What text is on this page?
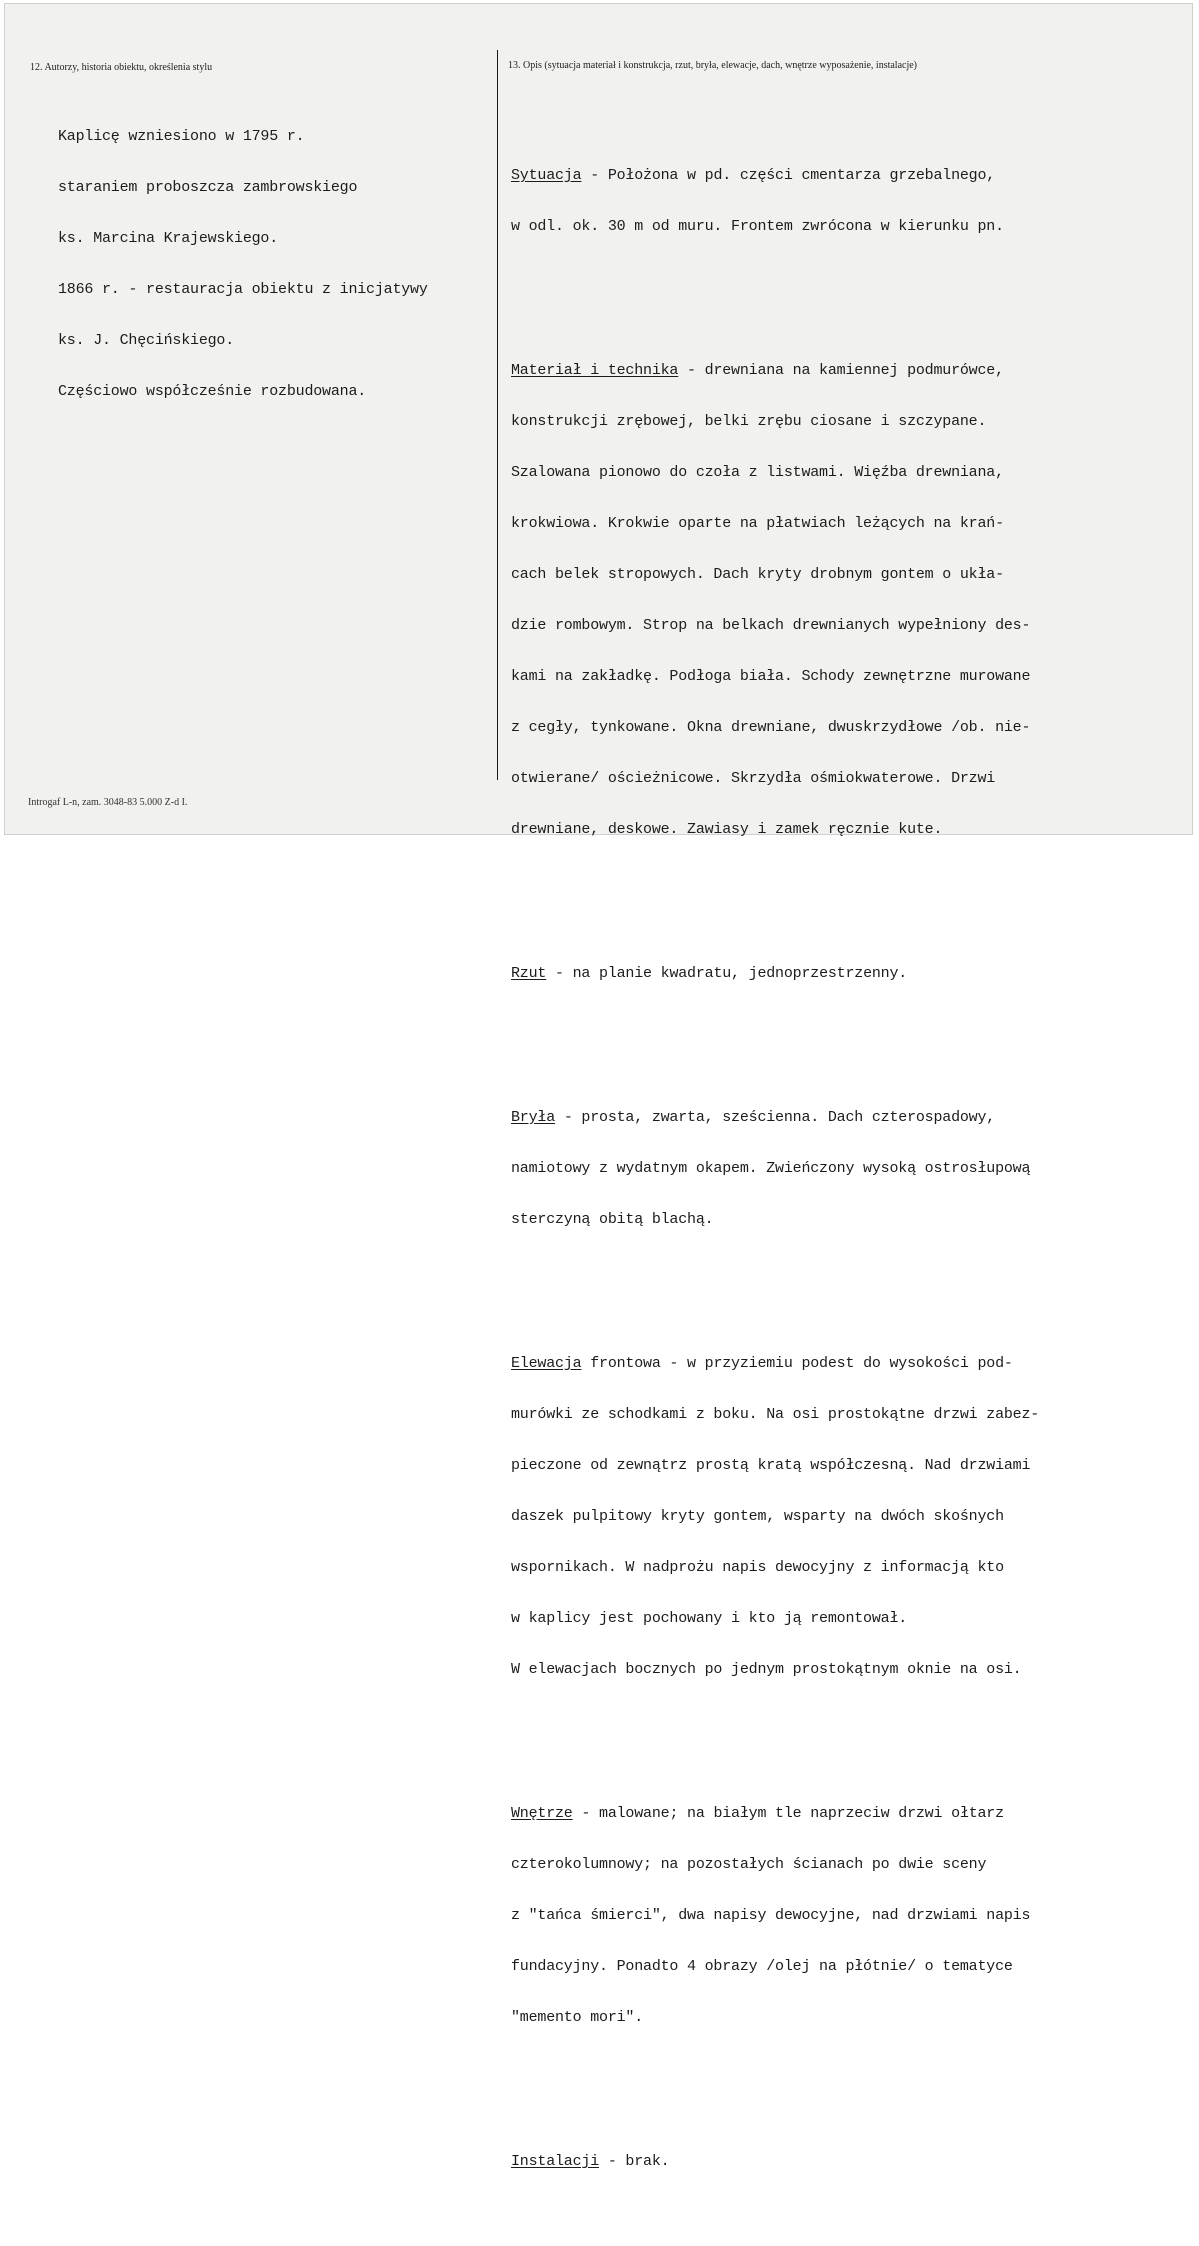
12. Autorzy, historia obiektu, określenia stylu

Kaplicę wzniesiono w 1795 r.

staraniem proboszcza zambrowskiego

ks. Marcina Krajewskiego.

1866 r. - restauracja obiektu z inicjatywy

ks. J. Chęcińskiego.

Częściowo współcześnie rozbudowana.

13. Opis (sytuacja materiał i konstrukcja, rzut, bryła, elewacje, dach, wnętrze wyposażenie, instalacje)

Sytuacja - Położona w pd. części cmentarza grzebalnego,

w odl. ok. 30 m od muru. Frontem zwrócona w kierunku pn.

Materiał i technika - drewniana na kamiennej podmurówce,

konstrukcji zrębowej, belki zrębu ciosane i szczypane.

Szalowana pionowo do czoła z listwami. Więźba drewniana,

krokwiowa. Krokwie oparte na płatwiach leżących na krań-

cach belek stropowych. Dach kryty drobnym gontem o ukła-

dzie rombowym. Strop na belkach drewnianych wypełniony des-

kami na zakładkę. Podłoga biała. Schody zewnętrzne murowane

z cegły, tynkowane. Okna drewniane, dwuskrzydłowe /ob. nie-

otwierane/ ościeżnicowe. Skrzydła ośmiokwaterowe. Drzwi

drewniane, deskowe. Zawiasy i zamek ręcznie kute.

Rzut - na planie kwadratu, jednoprzestrzenny.

Bryła - prosta, zwarta, sześcienna. Dach czterospadowy,

namiotowy z wydatnym okapem. Zwieńczony wysoką ostrosłupową

sterczyną obitą blachą.

Elewacja frontowa - w przyziemiu podest do wysokości pod-

murówki ze schodkami z boku. Na osi prostokątne drzwi zabez-

pieczone od zewnątrz prostą kratą współczesną. Nad drzwiami

daszek pulpitowy kryty gontem, wsparty na dwóch skośnych

wspornikach. W nadprożu napis dewocyjny z informacją kto

w kaplicy jest pochowany i kto ją remontował.

W elewacjach bocznych po jednym prostokątnym oknie na osi.

Wnętrze - malowane; na białym tle naprzeciw drzwi ołtarz

czterokolumnowy; na pozostałych ścianach po dwie sceny

z "tańca śmierci", dwa napisy dewocyjne, nad drzwiami napis

fundacyjny. Ponadto 4 obrazy /olej na płótnie/ o tematyce

"memento mori".

Instalacji - brak.

Introgaf L-n, zam. 3048-83 5.000 Z-d I.
